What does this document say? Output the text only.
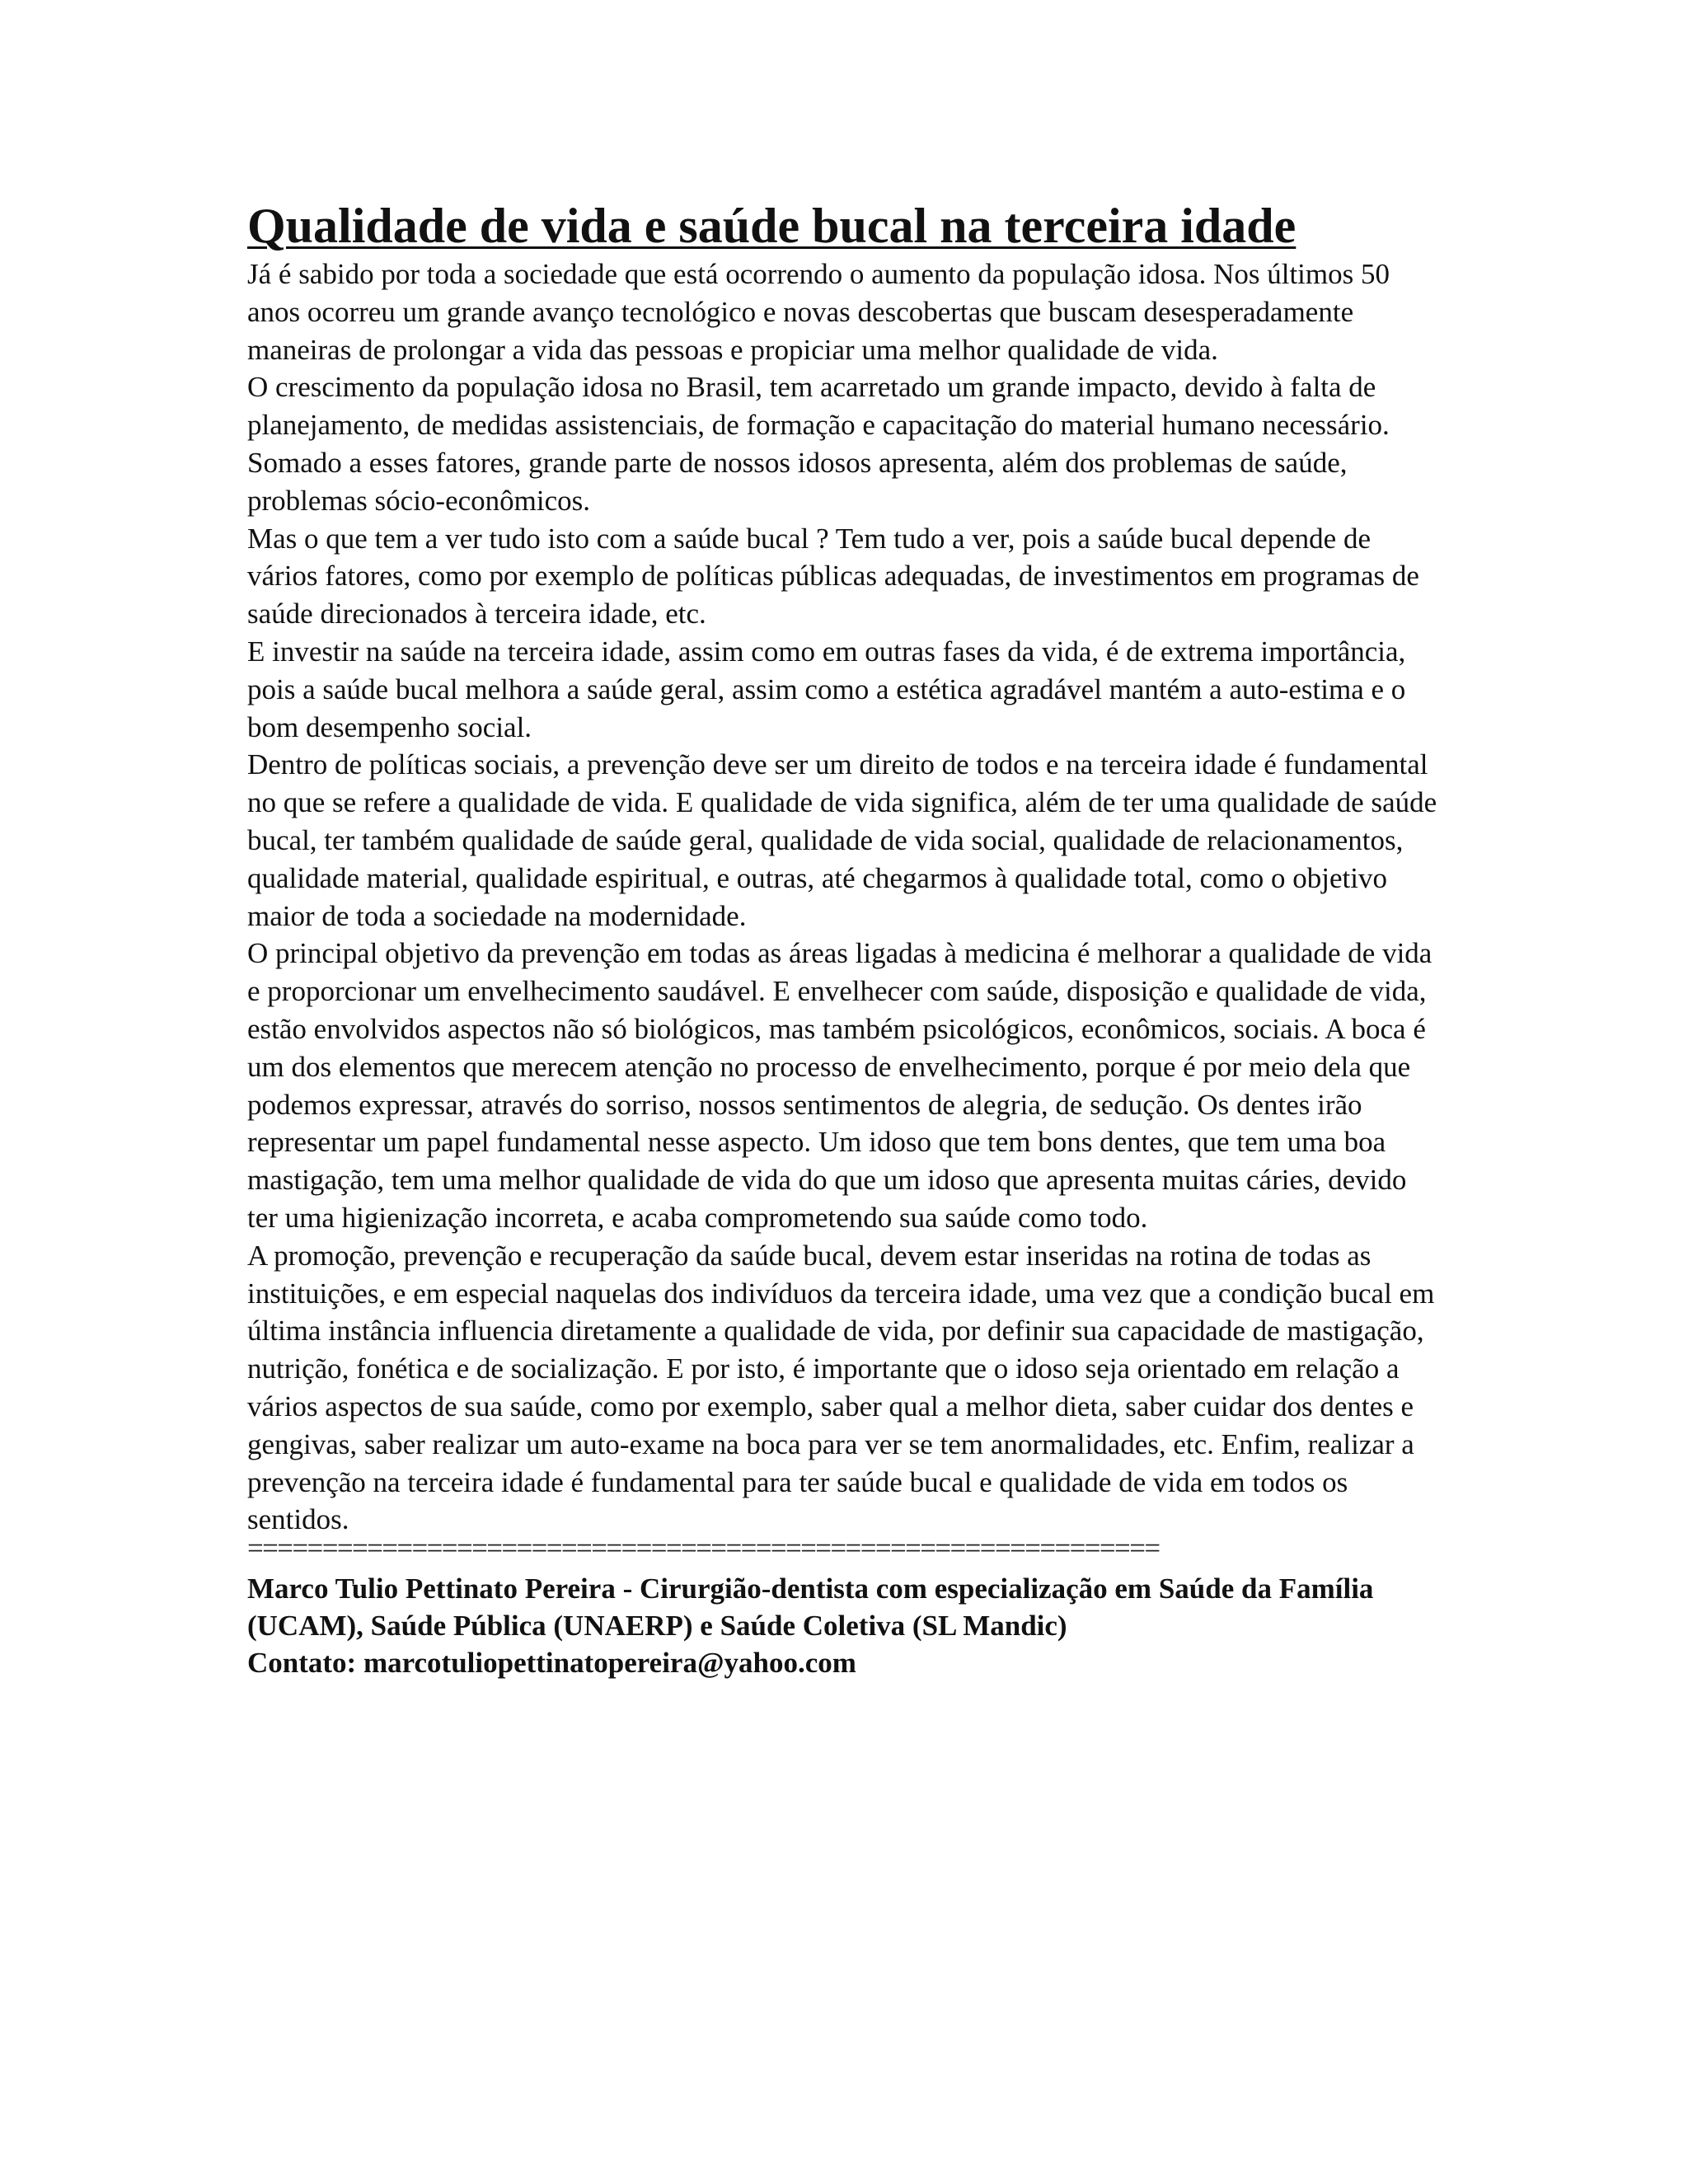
Qualidade de vida e saúde bucal na terceira idade

Já é sabido por toda a sociedade que está ocorrendo o aumento da população idosa. Nos últimos 50 anos ocorreu um grande avanço tecnológico e novas descobertas que buscam desesperadamente maneiras de prolongar a vida das pessoas e propiciar uma melhor qualidade de vida.

O crescimento da população idosa no Brasil, tem acarretado um grande impacto, devido à falta de planejamento, de medidas assistenciais, de formação e capacitação do material humano necessário. Somado a esses fatores, grande parte de nossos idosos apresenta, além dos problemas de saúde, problemas sócio-econômicos.

Mas o que tem a ver tudo isto com a saúde bucal ? Tem tudo a ver, pois a saúde bucal depende de vários fatores, como por exemplo de políticas públicas adequadas, de investimentos em programas de saúde direcionados à terceira idade, etc.

E investir na saúde na terceira idade, assim como em outras fases da vida, é de extrema importância, pois a saúde bucal melhora a saúde geral, assim como a estética agradável mantém a auto-estima e o bom desempenho social.

Dentro de políticas sociais, a prevenção deve ser um direito de todos e na terceira idade é fundamental no que se refere a qualidade de vida. E qualidade de vida significa, além de ter uma qualidade de saúde bucal, ter também qualidade de saúde geral, qualidade de vida social, qualidade de relacionamentos, qualidade material, qualidade espiritual, e outras, até chegarmos à qualidade total, como o objetivo maior de toda a sociedade na modernidade.

O principal objetivo da prevenção em todas as áreas ligadas à medicina é melhorar a qualidade de vida e proporcionar um envelhecimento saudável. E envelhecer com saúde, disposição e qualidade de vida, estão envolvidos aspectos não só biológicos, mas também psicológicos, econômicos, sociais. A boca é um dos elementos que merecem atenção no processo de envelhecimento, porque é por meio dela que podemos expressar, através do sorriso, nossos sentimentos de alegria, de sedução. Os dentes irão representar um papel fundamental nesse aspecto. Um idoso que tem bons dentes, que tem uma boa mastigação, tem uma melhor qualidade de vida do que um idoso que apresenta muitas cáries, devido ter uma higienização incorreta, e acaba comprometendo sua saúde como todo.

A promoção, prevenção e recuperação da saúde bucal, devem estar inseridas na rotina de todas as instituições, e em especial naquelas dos indivíduos da terceira idade, uma vez que a condição bucal em última instância influencia diretamente a qualidade de vida, por definir sua capacidade de mastigação, nutrição, fonética e de socialização. E por isto, é importante que o idoso seja orientado em relação a vários aspectos de sua saúde, como por exemplo, saber qual a melhor dieta, saber cuidar dos dentes e gengivas, saber realizar um auto-exame na boca para ver se tem anormalidades, etc. Enfim, realizar a prevenção na terceira idade é fundamental para ter saúde bucal e qualidade de vida em todos os sentidos.

=============================================================

Marco Tulio Pettinato Pereira - Cirurgião-dentista com especialização em Saúde da Família (UCAM), Saúde Pública (UNAERP) e Saúde Coletiva (SL Mandic)

Contato: marcotuliopettinatopereira@yahoo.com
